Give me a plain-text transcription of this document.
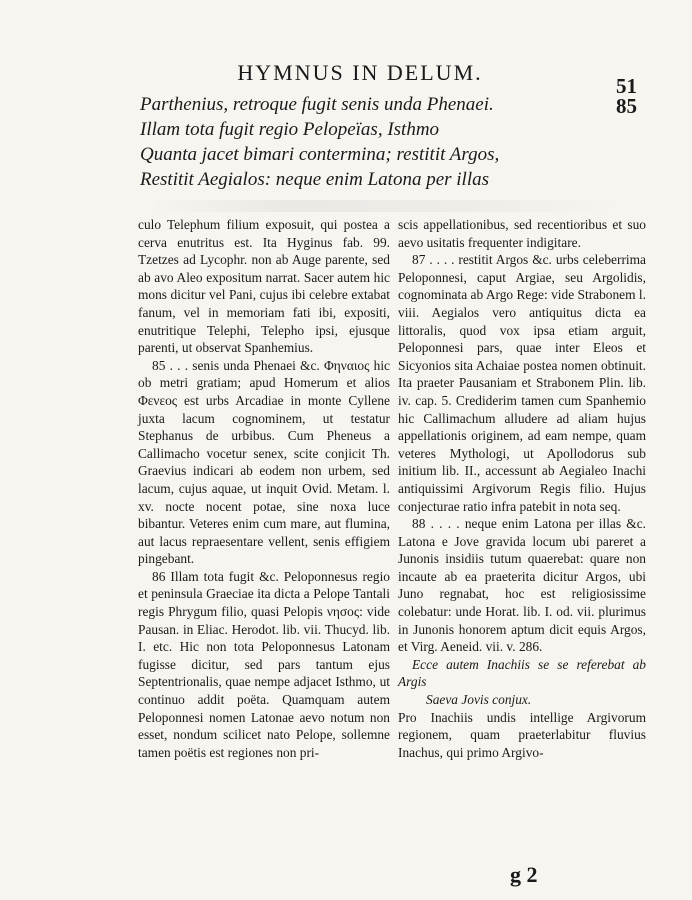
HYMNUS IN DELUM.
51
85
Parthenius, retroque fugit senis unda Phenaei.
Illam tota fugit regio Pelopeïas, Isthmo
Quanta jacet bimari contermina; restitit Argos,
Restitit Aegialos: neque enim Latona per illas

culo Telephum filium exposuit, qui postea a cerva enutritus est. Ita Hyginus fab. 99. Tzetzes ad Lycophr. non ab Auge parente, sed ab avo Aleo expositum narrat. Sacer autem hic mons dicitur vel Pani, cujus ibi celebre extabat fanum, vel in memoriam fati ibi, expositi, enutritique Telephi, Telepho ipsi, ejusque parenti, ut observat Spanhemius.

85 . . . senis unda Phenaei &c. Φηναιος hic ob metri gratiam; apud Homerum et alios Φενεος est urbs Arcadiae in monte Cyllene juxta lacum cognominem, ut testatur Stephanus de urbibus. Cum Pheneus a Callimacho vocetur senex, scite conjicit Th. Graevius indicari ab eodem non urbem, sed lacum, cujus aquae, ut inquit Ovid. Metam. l. xv. nocte nocent potae, sine noxa luce bibantur. Veteres enim cum mare, aut flumina, aut lacus repraesentare vellent, senis effigiem pingebant.

86 Illam tota fugit &c. Peloponnesus regio et peninsula Graeciae ita dicta a Pelope Tantali regis Phrygum filio, quasi Pelopis νησος: vide Pausan. in Eliac. Herodot. lib. vii. Thucyd. lib. I. etc. Hic non tota Peloponnesus Latonam fugisse dicitur, sed pars tantum ejus Septentrionalis, quae nempe adjacet Isthmo, ut continuo addit poëta. Quamquam autem Peloponnesi nomen Latonae aevo notum non esset, nondum scilicet nato Pelope, sollemne tamen poëtis est regiones non pri-

scis appellationibus, sed recentioribus et suo aevo usitatis frequenter indigitare.

87 . . . . restitit Argos &c. urbs celeberrima Peloponnesi, caput Argiae, seu Argolidis, cognominata ab Argo Rege: vide Strabonem l. viii. Aegialos vero antiquitus dicta ea littoralis, quod vox ipsa etiam arguit, Peloponnesi pars, quae inter Eleos et Sicyonios sita Achaiae postea nomen obtinuit. Ita praeter Pausaniam et Strabonem Plin. lib. iv. cap. 5. Crediderim tamen cum Spanhemio hic Callimachum alludere ad aliam hujus appellationis originem, ad eam nempe, quam veteres Mythologi, ut Apollodorus sub initium lib. II., accessunt ab Aegialeo Inachi antiquissimi Argivorum Regis filio. Hujus conjecturae ratio infra patebit in nota seq.

88 . . . . neque enim Latona per illas &c. Latona e Jove gravida locum ubi pareret a Junonis insidiis tutum quaerebat: quare non incaute ab ea praeterita dicitur Argos, ubi Juno regnabat, hoc est religiosissime colebatur: unde Horat. lib. I. od. vii. plurimus in Junonis honorem aptum dicit equis Argos, et Virg. Aeneid. vii. v. 286.

Ecce autem Inachiis se se referebat ab Argis

Saeva Jovis conjux.

Pro Inachiis undis intellige Argivorum regionem, quam praeterlabitur fluvius Inachus, qui primo Argivo-

g 2
